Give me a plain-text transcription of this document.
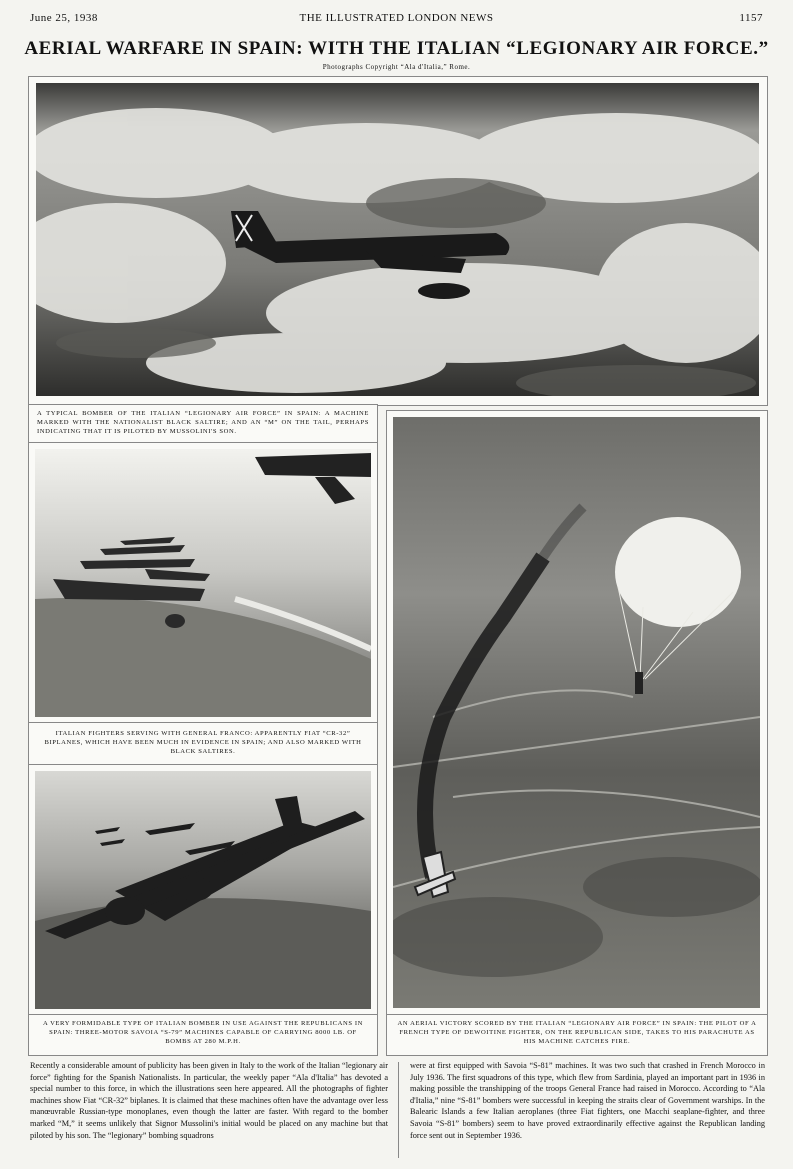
June 25, 1938	THE ILLUSTRATED LONDON NEWS	1157
AERIAL WARFARE IN SPAIN: WITH THE ITALIAN “LEGIONARY AIR FORCE.”
Photographs Copyright “Ala d'Italia,” Rome.
A TYPICAL BOMBER OF THE ITALIAN “LEGIONARY AIR FORCE” IN SPAIN: A MACHINE MARKED WITH THE NATIONALIST BLACK SALTIRE; AND AN “M” ON THE TAIL, PERHAPS INDICATING THAT IT IS PILOTED BY MUSSOLINI'S SON.
ITALIAN FIGHTERS SERVING WITH GENERAL FRANCO: APPARENTLY FIAT “CR-32” BIPLANES, WHICH HAVE BEEN MUCH IN EVIDENCE IN SPAIN; AND ALSO MARKED WITH BLACK SALTIRES.
A VERY FORMIDABLE TYPE OF ITALIAN BOMBER IN USE AGAINST THE REPUBLICANS IN SPAIN: THREE-MOTOR SAVOIA “S-79” MACHINES CAPABLE OF CARRYING 8000 LB. OF BOMBS AT 280 M.P.H.
AN AERIAL VICTORY SCORED BY THE ITALIAN “LEGIONARY AIR FORCE” IN SPAIN: THE PILOT OF A FRENCH TYPE OF DEWOITINE FIGHTER, ON THE REPUBLICAN SIDE, TAKES TO HIS PARACHUTE AS HIS MACHINE CATCHES FIRE.
Recently a considerable amount of publicity has been given in Italy to the work of the Italian “legionary air force” fighting for the Spanish Nationalists. In particular, the weekly paper “Ala d'Italia” has devoted a special number to this force, in which the illustrations seen here appeared. All the photographs of fighter machines show Fiat “CR-32” biplanes. It is claimed that these machines often have the advantage over less manœuvrable Russian-type monoplanes, even though the latter are faster. With regard to the bomber marked “M,” it seems unlikely that Signor Mussolini's initial would be placed on any machine but that piloted by his son. The “legionary” bombing squadrons
were at first equipped with Savoia “S-81” machines. It was two such that crashed in French Morocco in July 1936. The first squadrons of this type, which flew from Sardinia, played an important part in 1936 in making possible the transhipping of the troops General France had raised in Morocco. According to “Ala d'Italia,” nine “S-81” bombers were successful in keeping the straits clear of Government warships. In the Balearic Islands a few Italian aeroplanes (three Fiat fighters, one Macchi seaplane-fighter, and three Savoia “S-81” bombers) seem to have proved extraordinarily effective against the Republican landing force sent out in September 1936.
